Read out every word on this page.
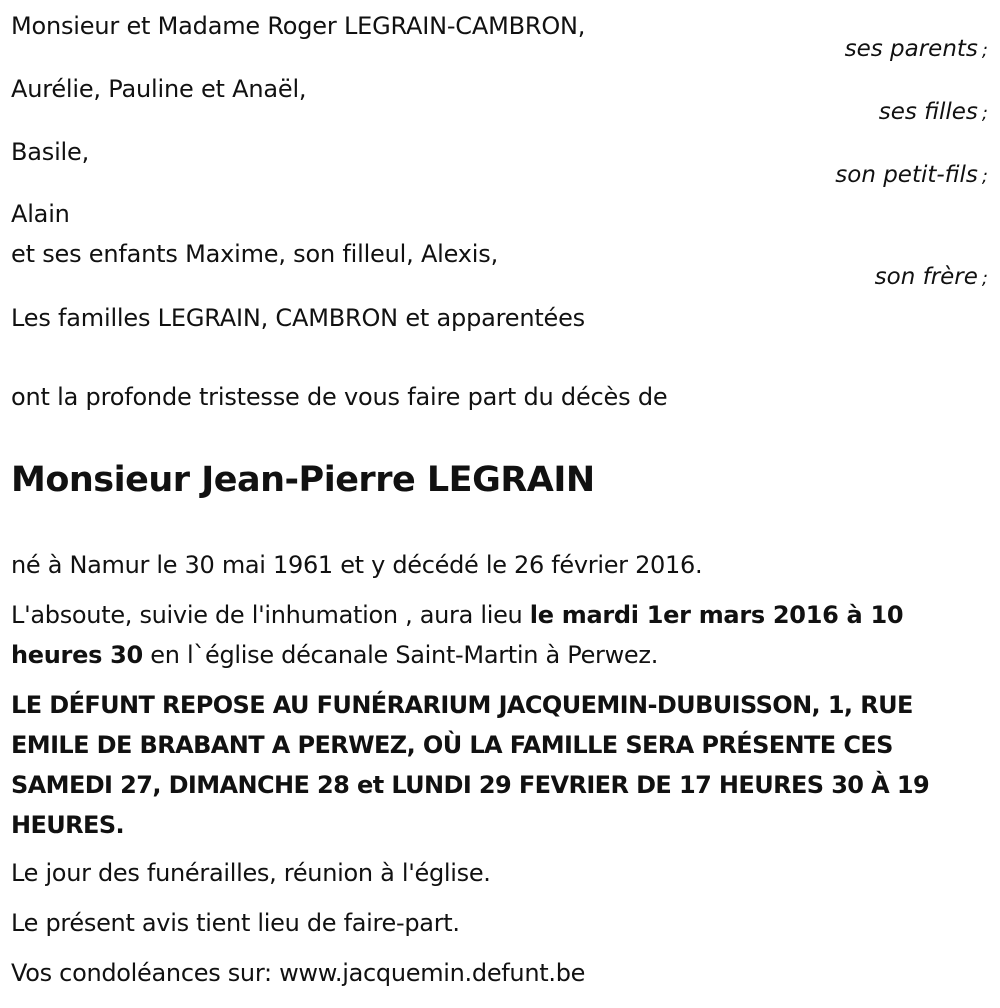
Monsieur et Madame Roger LEGRAIN-CAMBRON,
ses parents ;
Aurélie, Pauline et Anaël,
ses filles ;
Basile,
son petit-fils ;
Alain
et ses enfants Maxime, son filleul, Alexis,
son frère ;
Les familles LEGRAIN, CAMBRON et apparentées
ont la profonde tristesse de vous faire part du décès de
Monsieur Jean-Pierre LEGRAIN
né à Namur le 30 mai 1961 et y décédé le 26 février 2016.
L'absoute, suivie de l'inhumation , aura lieu le mardi 1er mars 2016 à 10 heures 30 en l`église décanale Saint-Martin à Perwez.
LE DÉFUNT REPOSE AU FUNÉRARIUM JACQUEMIN-DUBUISSON, 1, RUE EMILE DE BRABANT A PERWEZ, OÙ LA FAMILLE SERA PRÉSENTE CES SAMEDI 27, DIMANCHE 28 et LUNDI 29 FEVRIER DE 17 HEURES 30 À 19 HEURES.
Le jour des funérailles, réunion à l'église.
Le présent avis tient lieu de faire-part.
Vos condoléances sur: www.jacquemin.defunt.be
